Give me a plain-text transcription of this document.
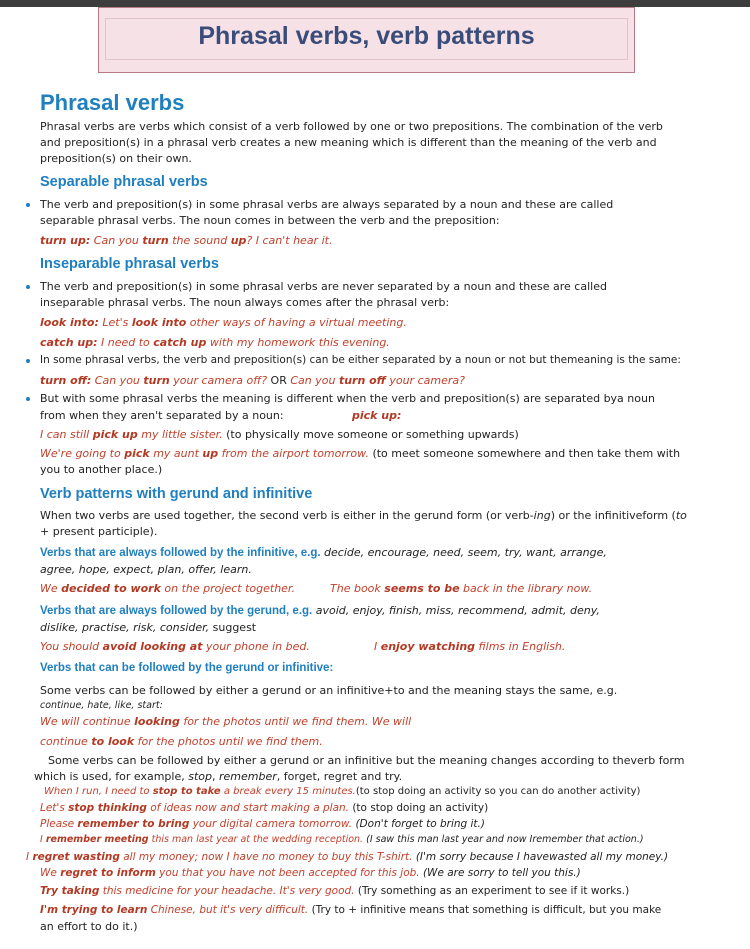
Phrasal verbs, verb patterns
Phrasal verbs
Phrasal verbs are verbs which consist of a verb followed by one or two prepositions. The combination of the verb
and preposition(s) in a phrasal verb creates a new meaning which is different than the meaning of the verb and
preposition(s) on their own.
Separable phrasal verbs
The verb and preposition(s) in some phrasal verbs are always separated by a noun and these are called
separable phrasal verbs. The noun comes in between the verb and the preposition:
turn up: Can you turn the sound up? I can't hear it.
Inseparable phrasal verbs
The verb and preposition(s) in some phrasal verbs are never separated by a noun and these are called
inseparable phrasal verbs. The noun always comes after the phrasal verb:
look into: Let's look into other ways of having a virtual meeting.
catch up: I need to catch up with my homework this evening.
In some phrasal verbs, the verb and preposition(s) can be either separated by a noun or not but themeaning is the same:
turn off: Can you turn your camera off? OR Can you turn off your camera?
But with some phrasal verbs the meaning is different when the verb and preposition(s) are separated bya noun
from when they aren't separated by a noun:	pick up:
I can still pick up my little sister. (to physically move someone or something upwards)
We're going to pick my aunt up from the airport tomorrow. (to meet someone somewhere and then take them with
you to another place.)
Verb patterns with gerund and infinitive
When two verbs are used together, the second verb is either in the gerund form (or verb-ing) or the infinitiveform (to
+ present participle).
Verbs that are always followed by the infinitive, e.g. decide, encourage, need, seem, try, want, arrange,
agree, hope, expect, plan, offer, learn.
We decided to work on the project together.	The book seems to be back in the library now.
Verbs that are always followed by the gerund, e.g. avoid, enjoy, finish, miss, recommend, admit, deny,
dislike, practise, risk, consider, suggest
You should avoid looking at your phone in bed.	I enjoy watching films in English.
Verbs that can be followed by the gerund or infinitive:
Some verbs can be followed by either a gerund or an infinitive+to and the meaning stays the same, e.g.
continue, hate, like, start:
We will continue looking for the photos until we find them. We will
continue to look for the photos until we find them.
Some verbs can be followed by either a gerund or an infinitive but the meaning changes according to theverb form
which is used, for example, stop, remember, forget, regret and try.
When I run, I need to stop to take a break every 15 minutes.(to stop doing an activity so you can do another activity)
Let's stop thinking of ideas now and start making a plan. (to stop doing an activity)
Please remember to bring your digital camera tomorrow. (Don't forget to bring it.)
I remember meeting this man last year at the wedding reception. (I saw this man last year and now Iremember that action.)
I regret wasting all my money; now I have no money to buy this T-shirt. (I'm sorry because I havewasted all my money.)
We regret to inform you that you have not been accepted for this job. (We are sorry to tell you this.)
Try taking this medicine for your headache. It's very good. (Try something as an experiment to see if it works.)
I'm trying to learn Chinese, but it's very difficult. (Try to + infinitive means that something is difficult, but you make
an effort to do it.)
